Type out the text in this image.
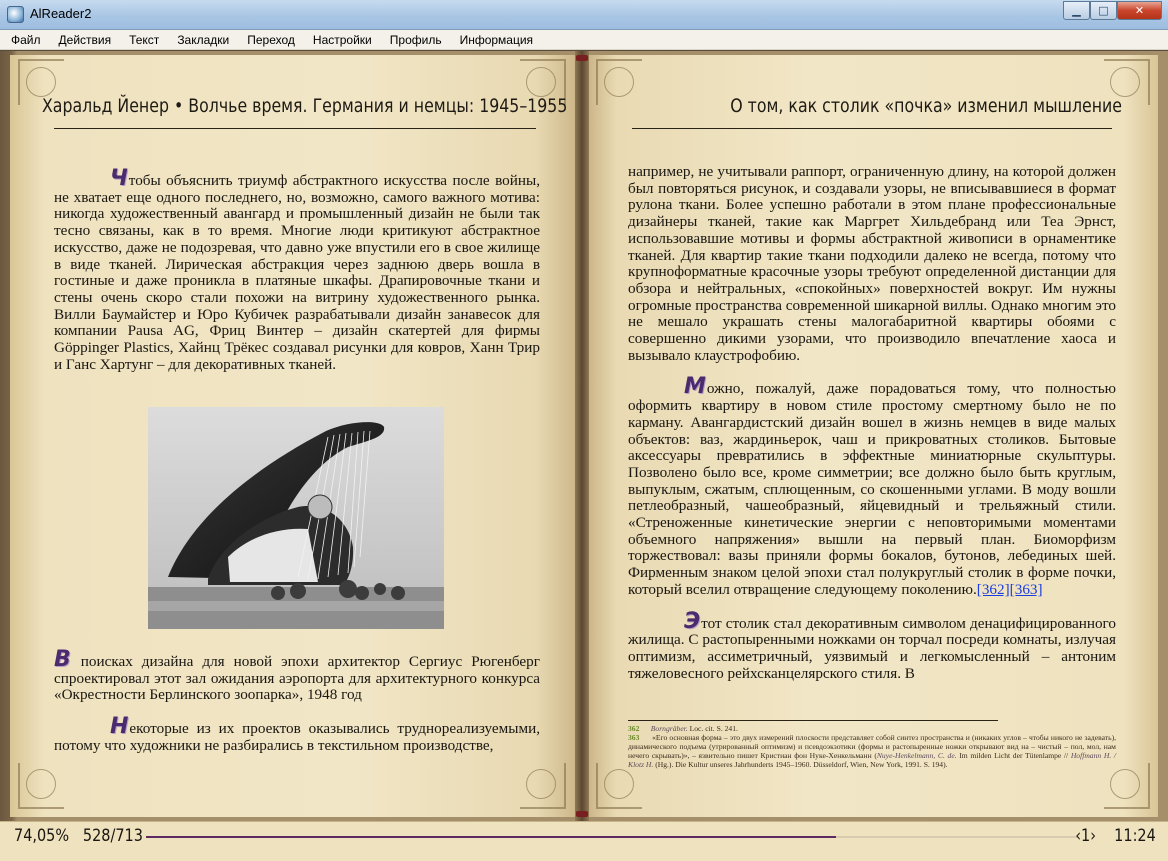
AlReader2	▁	□	✕
Файл Действия Текст Закладки Переход Настройки Профиль Информация
Харальд Йенер • Волчье время. Германия и немцы: 1945–1955	О том, как столик «почка» изменил мышление

Чтобы объяснить триумф абстрактного искусства после войны, не хватает еще одного последнего, но, возможно, самого важного мотива: никогда художественный авангард и промышленный дизайн не были так тесно связаны, как в то время. Многие люди критикуют абстрактное искусство, даже не подозревая, что давно уже впустили его в свое жилище в виде тканей. Лирическая абстракция через заднюю дверь вошла в гостиные и даже проникла в платяные шкафы. Драпировочные ткани и стены очень скоро стали похожи на витрину художественного рынка. Вилли Баумайстер и Юро Кубичек разрабатывали дизайн занавесок для компании Pausa AG, Фриц Винтер – дизайн скатертей для фирмы Göppinger Plastics, Хайнц Трёкес создавал рисунки для ковров, Ханн Трир и Ганс Хартунг – для декоративных тканей.

В поисках дизайна для новой эпохи архитектор Сергиус Рюгенберг спроектировал этот зал ожидания аэропорта для архитектурного конкурса «Окрестности Берлинского зоопарка», 1948 год

Некоторые из их проектов оказывались труднореализуемыми, потому что художники не разбирались в текстильном производстве,

например, не учитывали раппорт, ограниченную длину, на которой должен был повторяться рисунок, и создавали узоры, не вписывавшиеся в формат рулона ткани. Более успешно работали в этом плане профессиональные дизайнеры тканей, такие как Маргрет Хильдебранд или Теа Эрнст, использовавшие мотивы и формы абстрактной живописи в орнаментике тканей. Для квартир такие ткани подходили далеко не всегда, потому что крупноформатные красочные узоры требуют определенной дистанции для обзора и нейтральных, «спокойных» поверхностей вокруг. Им нужны огромные пространства современной шикарной виллы. Однако многим это не мешало украшать стены малогабаритной квартиры обоями с совершенно дикими узорами, что производило впечатление хаоса и вызывало клаустрофобию.

Можно, пожалуй, даже порадоваться тому, что полностью оформить квартиру в новом стиле простому смертному было не по карману. Авангардистский дизайн вошел в жизнь немцев в виде малых объектов: ваз, жардиньерок, чаш и прикроватных столиков. Бытовые аксессуары превратились в эффектные миниатюрные скульптуры. Позволено было все, кроме симметрии; все должно было быть круглым, выпуклым, сжатым, сплющенным, со скошенными углами. В моду вошли петлеобразный, чашеобразный, яйцевидный и трельяжный стили. «Стреноженные кинетические энергии с неповторимыми моментами объемного напряжения» вышли на первый план. Биоморфизм торжествовал: вазы приняли формы бокалов, бутонов, лебединых шей. Фирменным знаком целой эпохи стал полукруглый столик в форме почки, который вселил отвращение следующему поколению.[362][363]

Этот столик стал декоративным символом денацифицированного жилища. С растопыренными ножками он торчал посреди комнаты, излучая оптимизм, ассиметричный, уязвимый и легкомысленный – антоним тяжеловесного рейхсканцелярского стиля. В

362 Borngräber. Loc. cit. S. 241.
363 «Его основная форма – это двух измерений плоскости представляет собой синтез пространства и (никаких углов – чтобы никого не задевать), динамического подъема (утрированный оптимизм) и псевдоэкзотики (формы и растопыренные ножки открывают вид на – чистый – пол, мол, нам нечего скрывать)», – язвительно пишет Кристиан фон Нуке-Хенкельманн (Nuye-Henkelmann, C. de. Im milden Licht der Tütenlampe // Hoffmann H. / Klotz H. (Hg.). Die Kultur unseres Jahrhunderts 1945–1960. Düsseldorf, Wien, New York, 1991. S. 194).
74,05% 528/713	‹1› 11:24
